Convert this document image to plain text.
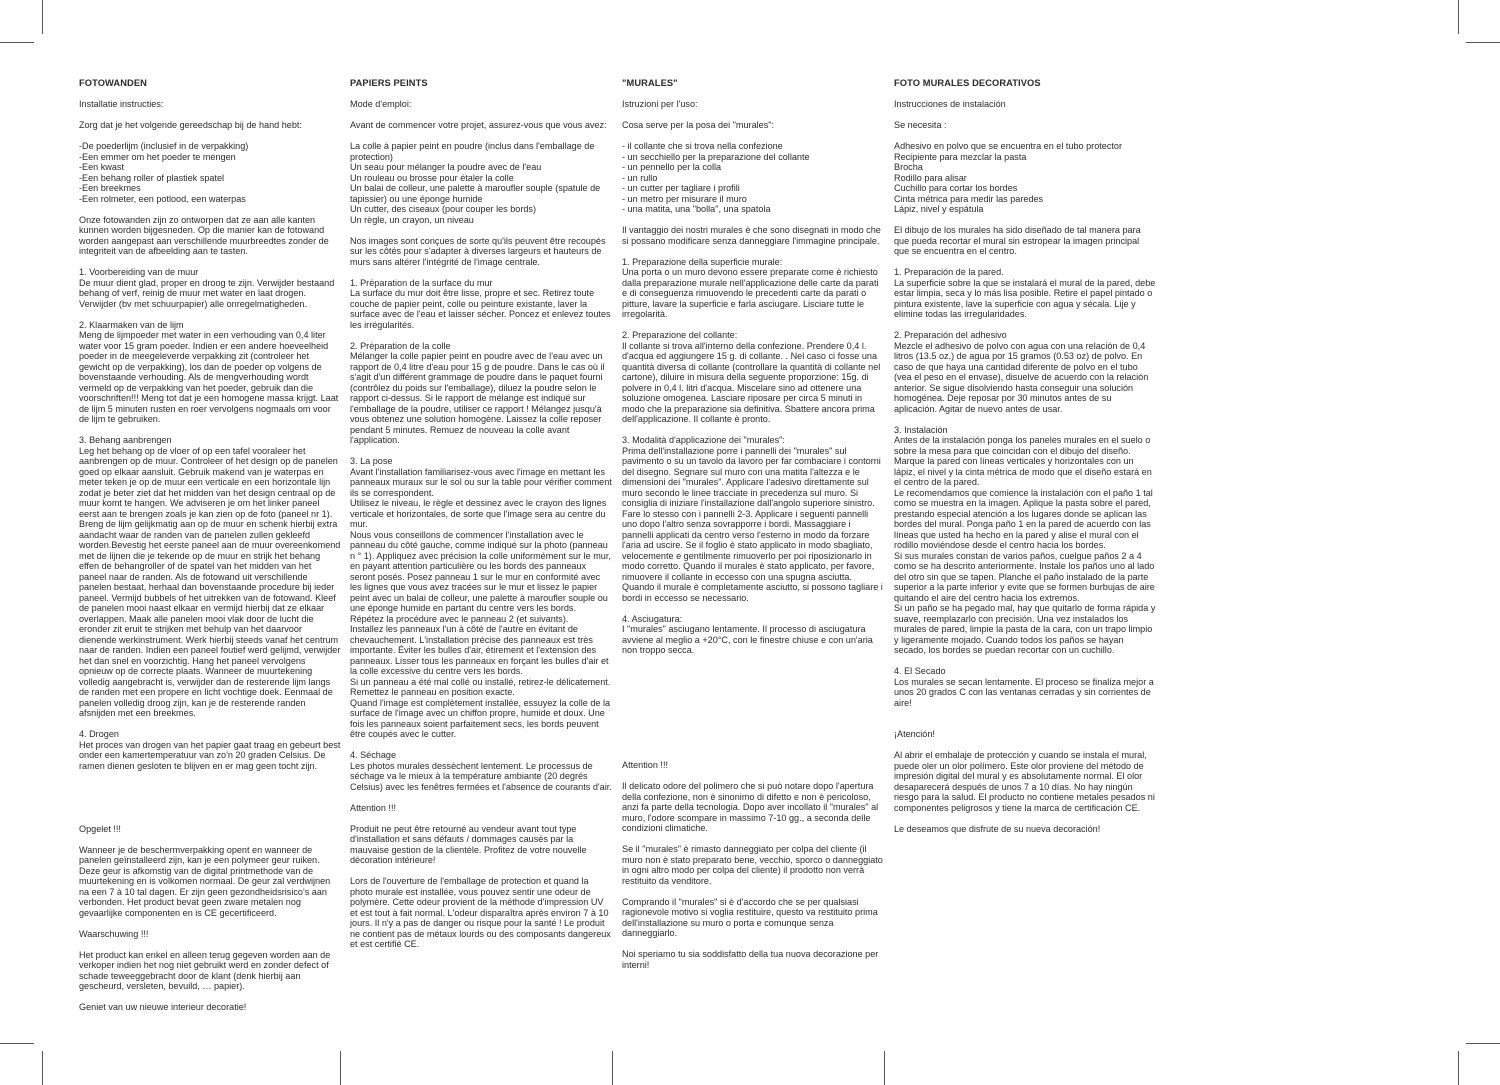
FOTOWANDEN

Installatie instructies:

Zorg dat je het volgende gereedschap bij de hand hebt:

-De poederlijm (inclusief in de verpakking)
-Een emmer om het poeder te mengen
-Een kwast
-Een behang roller of plastiek spatel
-Een breekmes
-Een rolmeter, een potlood, een waterpas

Onze fotowanden zijn zo ontworpen dat ze aan alle kanten kunnen worden bijgesneden. Op die manier kan de fotowand worden aangepast aan verschillende muurbreedtes zonder de integriteit van de afbeelding aan te tasten.

1. Voorbereiding van de muur
De muur dient glad, proper en droog te zijn. Verwijder bestaand behang of verf, reinig de muur met water en laat drogen. Verwijder (bv met schuurpapier) alle onregelmatigheden.
2. Klaarmaken van de lijm
Meng de lijmpoeder met water in een verhouding van 0,4 liter water voor 15 gram poeder. Indien er een andere hoeveelheid poeder in de meegeleverde verpakking zit (controleer het gewicht op de verpakking), los dan de poeder op volgens de bovenstaande verhouding. Als de mengverhouding wordt vermeld op de verpakking van het poeder, gebruik dan die voorschriften!!! Meng tot dat je een homogene massa krijgt. Laat de lijm 5 minuten rusten en roer vervolgens nogmaals om voor de lijm te gebruiken.
3. Behang aanbrengen
Leg het behang op de vloer of op een tafel vooraleer het aanbrengen op de muur. Controleer of het design op de panelen goed op elkaar aansluit. Gebruik makend van je waterpas en meter teken je op de muur een verticale en een horizontale lijn zodat je beter ziet dat het midden van het design centraal op de muur komt te hangen. We adviseren je om het linker paneel eerst aan te brengen zoals je kan zien op de foto (paneel nr 1). Breng de lijm gelijkmatig aan op de muur en schenk hierbij extra aandacht waar de randen van de panelen zullen gekleefd worden.Bevestig het eerste paneel aan de muur overeenkomend met de lijnen die je tekende op de muur en strijk het behang effen de behangroller of de spatel van het midden van het paneel naar de randen. Als de fotowand uit verschillende panelen bestaat, herhaal dan bovenstaande procedure bij ieder paneel. Vermijd bubbels of het uitrekken van de fotowand. Kleef de panelen mooi naast elkaar en vermijd hierbij dat ze elkaar overlappen. Maak alle panelen mooi vlak door de lucht die eronder zit eruit te strijken met behulp van het daarvoor dienende werkinstrument. Werk hierbij steeds vanaf het centrum naar de randen. Indien een paneel foutief werd gelijmd, verwijder het dan snel en voorzichtig. Hang het paneel vervolgens opnieuw op de correcte plaats. Wanneer de muurtekening volledig aangebracht is, verwijder dan de resterende lijm langs de randen met een propere en licht vochtige doek. Eenmaal de panelen volledig droog zijn, kan je de resterende randen afsnijden met een breekmes.
4. Drogen
Het proces van drogen van het papier gaat traag en gebeurt best onder een kamertemperatuur van zo'n 20 graden Celsius. De ramen dienen gesloten te blijven en er mag geen tocht zijn.

Opgelet !!!

Wanneer je de beschermverpakking opent en wanneer de panelen geïnstalleerd zijn, kan je een polymeer geur ruiken. Deze geur is afkomstig van de digital printmethode van de muurtekening en is volkomen normaal. De geur zal verdwijnen na een 7 à 10 tal dagen. Er zijn geen gezondheidsrisico's aan verbonden. Het product bevat geen zware metalen nog gevaarlijke componenten en is CE gecertificeerd.

Waarschuwing !!!

Het product kan enkel en alleen terug gegeven worden aan de verkoper indien het nog niet gebruikt werd en zonder defect of schade teweeggebracht door de klant (denk hierbij aan gescheurd, versleten, bevuild, … papier).

Geniet van uw nieuwe interieur decoratie!

PAPIERS PEINTS

Mode d'emploi:

Avant de commencer votre projet, assurez-vous que vous avez:

La colle à papier peint en poudre (inclus dans l'emballage de protection)
Un seau pour mélanger la poudre avec de l'eau
Un rouleau ou brosse pour étaler la colle
Un balai de colleur, une palette à maroufler souple (spatule de tapissier) ou une éponge humide
Un cutter, des ciseaux (pour couper les bords)
Un règle, un crayon, un niveau

Nos images sont conçues de sorte qu'ils peuvent être recoupés sur les côtés pour s'adapter à diverses largeurs et hauteurs de murs sans altérer l'intégrité de l'image centrale.

1. Préparation de la surface du mur
La surface du mur doit être lisse, propre et sec. Retirez toute couche de papier peint, colle ou peinture existante, laver la surface avec de l'eau et laisser sécher. Poncez et enlevez toutes les irrégularités.
2. Préparation de la colle
Mélanger la colle papier peint en poudre avec de l'eau avec un rapport de 0,4 litre d'eau pour 15 g de poudre. Dans le cas où il s'agit d'un différent grammage de poudre dans le paquet fourni (contrôlez du poids sur l'emballage), diluez la poudre selon le rapport ci-dessus. Si le rapport de mélange est indiqué sur l'emballage de la poudre, utiliser ce rapport ! Mélangez jusqu'à vous obtenez une solution homogène. Laissez la colle reposer pendant 5 minutes. Remuez de nouveau la colle avant l'application.
3. La pose
Avant l'installation familiarisez-vous avec l'image en mettant les panneaux muraux sur le sol ou sur la table pour vérifier comment ils se correspondent.
Utilisez le niveau, le règle et dessinez avec le crayon des lignes verticale et horizontales, de sorte que l'image sera au centre du mur.
Nous vous conseillons de commencer l'installation avec le panneau du côté gauche, comme indiqué sur la photo (panneau n ° 1). Appliquez avec précision la colle uniformément sur le mur, en payant attention particulière ou les bords des panneaux seront posés. Posez panneau 1 sur le mur en conformité avec les lignes que vous avez tracées sur le mur et lissez le papier peint avec un balai de colleur, une palette à maroufler souple ou une éponge humide en partant du centre vers les bords.
Répétez la procédure avec le panneau 2 (et suivants).
Installez les panneaux l'un à côté de l'autre en évitant de chevauchement. L'installation précise des panneaux est très importante. Éviter les bulles d'air, étirement et l'extension des panneaux. Lisser tous les panneaux en forçant les bulles d'air et la colle excessive du centre vers les bords.
Si un panneau a été mal collé ou installé, retirez-le délicatement. Remettez le panneau en position exacte.
Quand l'image est complètement installée, essuyez la colle de la surface de l'image avec un chiffon propre, humide et doux. Une fois les panneaux soient parfaitement secs, les bords peuvent être coupés avec le cutter.
4. Séchage
Les photos murales dessèchent lentement. Le processus de séchage va le mieux à la température ambiante (20 degrés Celsius) avec les fenêtres fermées et l'absence de courants d'air.

Attention !!!

Produit ne peut être retourné au vendeur avant tout type d'installation et sans défauts / dommages causés par la mauvaise gestion de la clientèle. Profitez de votre nouvelle décoration intérieure!

Lors de l'ouverture de l'emballage de protection et quand la photo murale est installée, vous pouvez sentir une odeur de polymère. Cette odeur provient de la méthode d'impression UV et est tout à fait normal. L'odeur disparaîtra après environ 7 à 10 jours. Il n'y a pas de danger ou risque pour la santé ! Le produit ne contient pas de métaux lourds ou des composants dangereux et est certifié CE.

"MURALES"

Istruzioni per l'uso:

Cosa serve per la posa dei "murales":

- il collante che si trova nella confezione
- un secchiello per la preparazione del collante
- un pennello per la colla
- un rullo
- un cutter per tagliare i profili
- un metro per misurare il muro
- una matita, una "bolla", una spatola

Il vantaggio dei nostri murales è che sono disegnati in modo che si possano modificare senza danneggiare l'immagine principale.

1. Preparazione della superficie murale:
Una porta o un muro devono essere preparate come è richiesto dalla preparazione murale nell'applicazione delle carte da parati e di conseguenza rimuovendo le precedenti carte da parati o pitture, lavare la superficie e farla asciugare. Lisciare tutte le irregolarità.
2. Preparazione del collante:
Il collante si trova all'interno della confezione. Prendere 0,4 l. d'acqua ed aggiungere 15 g. di collante. . Nel caso ci fosse una quantità diversa di collante (controllare la quantità di collante nel cartone), diluire in misura della seguente proporzione: 15g. di polvere in 0,4 l. litri d'acqua. Miscelare sino ad ottenere una soluzione omogenea. Lasciare riposare per circa 5 minuti in modo che la preparazione sia definitiva. Sbattere ancora prima dell'applicazione. Il collante è pronto.
3. Modalità d'applicazione dei "murales":
Prima dell'installazione porre i pannelli dei "murales" sul pavimento o su un tavolo da lavoro per far combaciare i contorni del disegno. Segnare sul muro con una matita l'altezza e le dimensioni dei "murales". Applicare l'adesivo direttamente sul muro secondo le linee tracciate in precedenza sul muro. Si consiglia di iniziare l'installazione dall'angolo superiore sinistro. Fare lo stesso con i pannelli 2-3. Applicare i seguenti pannelli uno dopo l'altro senza sovrapporre i bordi. Massaggiare i pannelli applicati da centro verso l'esterno in modo da forzare l'aria ad uscire. Se il foglio è stato applicato in modo sbagliato, velocemente e gentilmente rimuoverlo per poi riposizionarlo in modo corretto. Quando il murales è stato applicato, per favore, rimuovere il collante in eccesso con una spugna asciutta. Quando il murale è completamente asciutto, si possono tagliare i bordi in eccesso se necessario.
4. Asciugatura:
I "murales" asciugano lentamente. Il processo di asciugatura avviene al meglio a +20°C, con le finestre chiuse e con un'aria non troppo secca.

Attention !!!

Il delicato odore del polimero che si può notare dopo l'apertura della confezione, non è sinonimo di difetto e non è pericoloso, anzi fa parte della tecnologia. Dopo aver incollato il "murales" al muro, l'odore scompare in massimo 7-10 gg., a seconda delle condizioni climatiche.

Se il "murales" è rimasto danneggiato per colpa del cliente (il muro non è stato preparato bene, vecchio, sporco o danneggiato in ogni altro modo per colpa del cliente) il prodotto non verrà restituito da venditore.

Comprando il "murales" si è d'accordo che se per qualsiasi ragionevole motivo si voglia restituire, questo va restituito prima dell'installazione su muro o porta e comunque senza danneggiarlo.

Noi speriamo tu sia soddisfatto della tua nuova decorazione per interni!

FOTO MURALES DECORATIVOS

Instrucciones de instalación

Se necesita :

Adhesivo en polvo que se encuentra en el tubo protector
Recipiente para mezclar la pasta
Brocha
Rodillo para alisar
Cuchillo para cortar los bordes
Cinta métrica para medir las paredes
Lápiz, nivel y espátula

El dibujo de los murales ha sido diseñado de tal manera para que pueda recortar el mural sin estropear la imagen principal que se encuentra en el centro.

1. Preparación de la pared.
La superficie sobre la que se instalará el mural de la pared, debe estar limpia, seca y lo más lisa posible. Retire el papel pintado o pintura existente, lave la superficie con agua y sécala. Lije y elimine todas las irregularidades.
2. Preparación del adhesivo
Mezcle el adhesivo de polvo con agua con una relación de 0,4 litros (13.5 oz.) de agua por 15 gramos (0.53 oz) de polvo. En caso de que haya una cantidad diferente de polvo en el tubo (vea el peso en el envase), disuelve de acuerdo con la relación anterior. Se sigue disolviendo hasta conseguir una solución homogénea. Deje reposar por 30 minutos antes de su aplicación. Agitar de nuevo antes de usar.
3. Instalación
Antes de la instalación ponga los paneles murales en el suelo o sobre la mesa para que coincidan con el dibujo del diseño.
Marque la pared con líneas verticales y horizontales con un lápiz, el nivel y la cinta métrica de modo que el diseño estará en el centro de la pared.
Le recomendamos que comience la instalación con el paño 1 tal como se muestra en la imagen. Aplique la pasta sobre el pared, prestando especial atención a los lugares donde se aplican las bordes del mural. Ponga paño 1 en la pared de acuerdo con las líneas que usted ha hecho en la pared y alise el mural con el rodillo moviéndose desde el centro hacia los bordes.
Si sus murales constan de varios paños, cuelgue paños 2 a 4 como se ha descrito anteriormente. Instale los paños uno al lado del otro sin que se tapen. Planche el paño instalado de la parte superior a la parte inferior y evite que se formen burbujas de aire quitando el aire del centro hacia los extremos.
Si un paño se ha pegado mal, hay que quitarlo de forma rápida y suave, reemplazarlo con precisión. Una vez instalados los murales de pared, limpie la pasta de la cara, con un trapo limpio y ligeramente mojado. Cuando todos los paños se hayan secado, los bordes se puedan recortar con un cuchillo.
4. El Secado
Los murales se secan lentamente. El proceso se finaliza mejor a unos 20 grados C con las ventanas cerradas y sin corrientes de aire!

¡Atención!

Al abrir el embalaje de protección y cuando se instala el mural, puede oler un olor polímero. Este olor proviene del método de impresión digital del mural y es absolutamente normal. El olor desaparecerá después de unos 7 a 10 días. No hay ningún riesgo para la salud. El producto no contiene metales pesados ni componentes peligrosos y tiene la marca de certificación CE.

Le deseamos que disfrute de su nueva decoración!
